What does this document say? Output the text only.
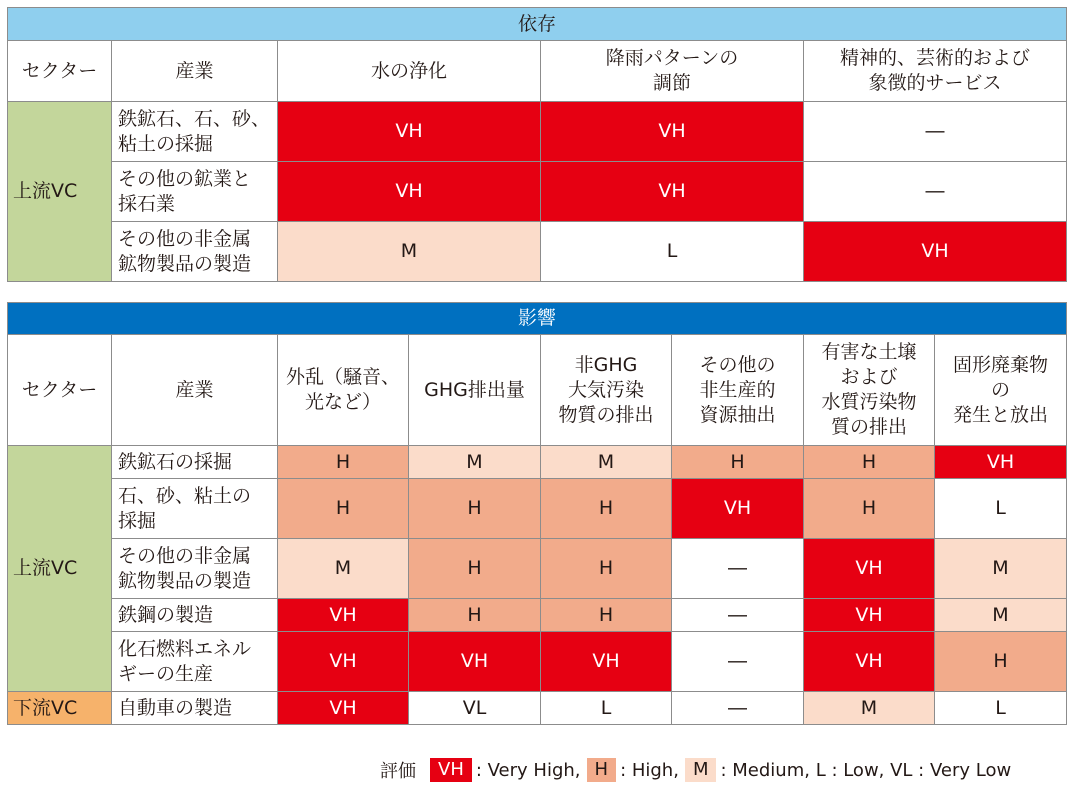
依存				
セクター	産業	水の浄化	降雨パターンの
調節	精神的、芸術的および
象徴的サービス
上流VC	鉄鉱石、石、砂、
粘土の採掘	VH	VH	―
	その他の鉱業と
採石業	VH	VH	―
	その他の非金属
鉱物製品の製造	M	L	VH
影響							
セクター	産業	外乱（騒音、
光など）	GHG排出量	非GHG
大気汚染
物質の排出	その他の
非生産的
資源抽出	有害な土壌
および
水質汚染物
質の排出	固形廃棄物
の
発生と放出
上流VC	鉄鉱石の採掘	H	M	M	H	H	VH
	石、砂、粘土の
採掘	H	H	H	VH	H	L
	その他の非金属
鉱物製品の製造	M	H	H	―	VH	M
	鉄鋼の製造	VH	H	H	―	VH	M
	化石燃料エネル
ギーの生産	VH	VH	VH	―	VH	H
下流VC	自動車の製造	VH	VL	L	―	M	L
評価 VH : Very High, H : High, M : Medium, L : Low, VL : Very Low
